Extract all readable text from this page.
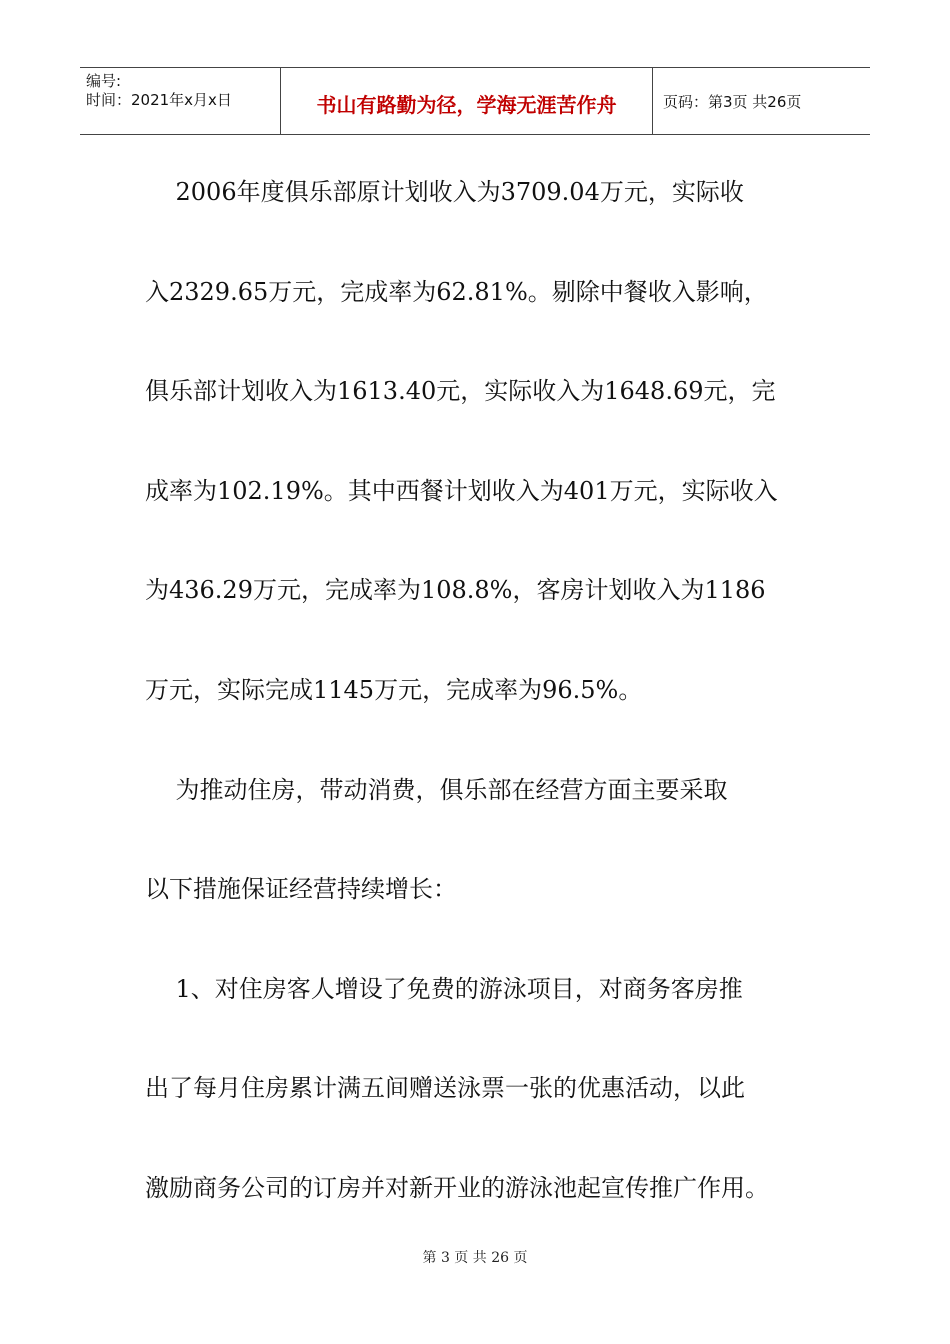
编号:
时间：2021年x月x日	书山有路勤为径，学海无涯苦作舟	页码：第3页 共26页
2006年度俱乐部原计划收入为3709.04万元，实际收
入2329.65万元，完成率为62.81%。剔除中餐收入影响，
俱乐部计划收入为1613.40元，实际收入为1648.69元，完
成率为102.19%。其中西餐计划收入为401万元，实际收入
为436.29万元，完成率为108.8%，客房计划收入为1186
万元，实际完成1145万元，完成率为96.5%。
为推动住房，带动消费，俱乐部在经营方面主要采取
以下措施保证经营持续增长：
1、对住房客人增设了免费的游泳项目，对商务客房推
出了每月住房累计满五间赠送泳票一张的优惠活动，以此
激励商务公司的订房并对新开业的游泳池起宣传推广作用。
第 3 页 共 26 页
